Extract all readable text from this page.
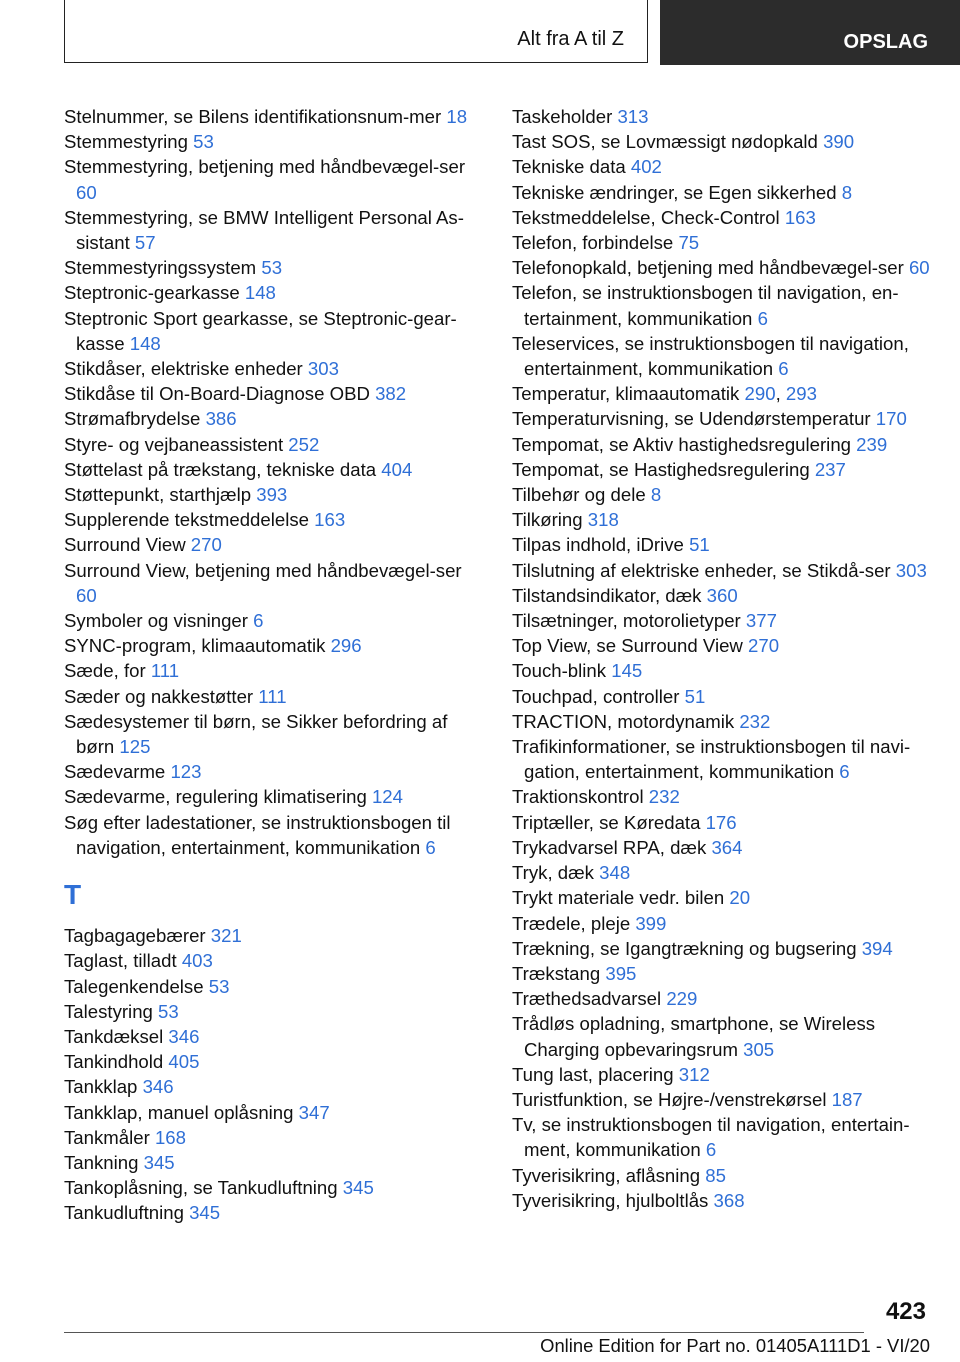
Alt fra A til Z	OPSLAG
Stelnummer, se Bilens identifikationsnum-mer 18
Stemmestyring 53
Stemmestyring, betjening med håndbevægel-ser 60
Stemmestyring, se BMW Intelligent Personal As-sistant 57
Stemmestyringssystem 53
Steptronic-gearkasse 148
Steptronic Sport gearkasse, se Steptronic-gear-kasse 148
Stikdåser, elektriske enheder 303
Stikdåse til On-Board-Diagnose OBD 382
Strømafbrydelse 386
Styre- og vejbaneassistent 252
Støttelast på trækstang, tekniske data 404
Støttepunkt, starthjælp 393
Supplerende tekstmeddelelse 163
Surround View 270
Surround View, betjening med håndbevægel-ser 60
Symboler og visninger 6
SYNC-program, klimaautomatik 296
Sæde, for 111
Sæder og nakkestøtter 111
Sædesystemer til børn, se Sikker befordring af børn 125
Sædevarme 123
Sædevarme, regulering klimatisering 124
Søg efter ladestationer, se instruktionsbogen til navigation, entertainment, kommunikation 6
T
Tagbagagebærer 321
Taglast, tilladt 403
Talegenkendelse 53
Talestyring 53
Tankdæksel 346
Tankindhold 405
Tankklap 346
Tankklap, manuel oplåsning 347
Tankmåler 168
Tankning 345
Tankoplåsning, se Tankudluftning 345
Tankudluftning 345
Taskeholder 313
Tast SOS, se Lovmæssigt nødopkald 390
Tekniske data 402
Tekniske ændringer, se Egen sikkerhed 8
Tekstmeddelelse, Check-Control 163
Telefon, forbindelse 75
Telefonopkald, betjening med håndbevægel-ser 60
Telefon, se instruktionsbogen til navigation, en-tertainment, kommunikation 6
Teleservices, se instruktionsbogen til navigation, entertainment, kommunikation 6
Temperatur, klimaautomatik 290, 293
Temperaturvisning, se Udendørstemperatur 170
Tempomat, se Aktiv hastighedsregulering 239
Tempomat, se Hastighedsregulering 237
Tilbehør og dele 8
Tilkøring 318
Tilpas indhold, iDrive 51
Tilslutning af elektriske enheder, se Stikdå-ser 303
Tilstandsindikator, dæk 360
Tilsætninger, motorolietyper 377
Top View, se Surround View 270
Touch-blink 145
Touchpad, controller 51
TRACTION, motordynamik 232
Trafikinformationer, se instruktionsbogen til navi-gation, entertainment, kommunikation 6
Traktionskontrol 232
Triptæller, se Køredata 176
Trykadvarsel RPA, dæk 364
Tryk, dæk 348
Trykt materiale vedr. bilen 20
Trædele, pleje 399
Trækning, se Igangtrækning og bugsering 394
Trækstang 395
Træthedsadvarsel 229
Trådløs opladning, smartphone, se Wireless Charging opbevaringsrum 305
Tung last, placering 312
Turistfunktion, se Højre-/venstrekørsel 187
Tv, se instruktionsbogen til navigation, entertain-ment, kommunikation 6
Tyverisikring, aflåsning 85
Tyverisikring, hjulboltlås 368
423
Online Edition for Part no. 01405A111D1 - VI/20
